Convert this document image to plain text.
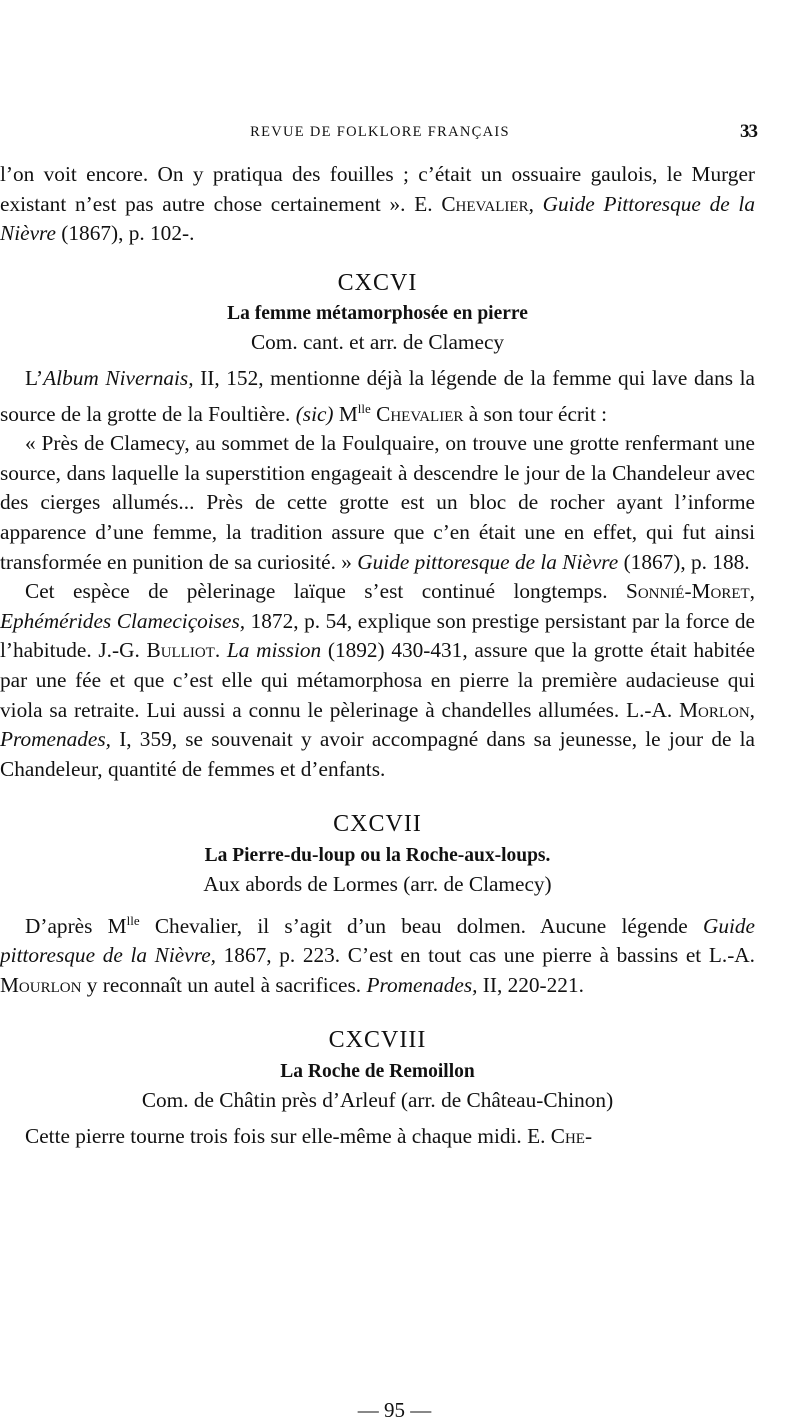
REVUE DE FOLKLORE FRANÇAIS	33

l’on voit encore. On y pratiqua des fouilles ; c’était un ossuaire gaulois, le Murger existant n’est pas autre chose certainement ». E. Chevalier, Guide Pittoresque de la Nièvre (1867), p. 102-.

CXCVI
La femme métamorphosée en pierre
Com. cant. et arr. de Clamecy

L’Album Nivernais, II, 152, mentionne déjà la légende de la femme qui lave dans la source de la grotte de la Foultière. (sic) $M^{lle}$ Chevalier à son tour écrit :

« Près de Clamecy, au sommet de la Foulquaire, on trouve une grotte renfermant une source, dans laquelle la superstition engageait à descendre le jour de la Chandeleur avec des cierges allumés... Près de cette grotte est un bloc de rocher ayant l’informe apparence d’une femme, la tradition assure que c’en était une en effet, qui fut ainsi transformée en punition de sa curiosité. » Guide pittoresque de la Nièvre (1867), p. 188.

Cet espèce de pèlerinage laïque s’est continué longtemps. Sonnié-Moret, Ephémérides Clameciçoises, 1872, p. 54, explique son prestige persistant par la force de l’habitude. J.-G. Bulliot. La mission (1892) 430-431, assure que la grotte était habitée par une fée et que c’est elle qui métamorphosa en pierre la première audacieuse qui viola sa retraite. Lui aussi a connu le pèlerinage à chandelles allumées. L.-A. Morlon, Promenades, I, 359, se souvenait y avoir accompagné dans sa jeunesse, le jour de la Chandeleur, quantité de femmes et d’enfants.

CXCVII
La Pierre-du-loup ou la Roche-aux-loups.
Aux abords de Lormes (arr. de Clamecy)

D’après $M^{lle}$ Chevalier, il s’agit d’un beau dolmen. Aucune légende Guide pittoresque de la Nièvre, 1867, p. 223. C’est en tout cas une pierre à bassins et L.-A. Mourlon y reconnaît un autel à sacrifices. Promenades, II, 220-221.

CXCVIII
La Roche de Remoillon
Com. de Châtin près d’Arleuf (arr. de Château-Chinon)

Cette pierre tourne trois fois sur elle-même à chaque midi. E. Che-

— 95 —
